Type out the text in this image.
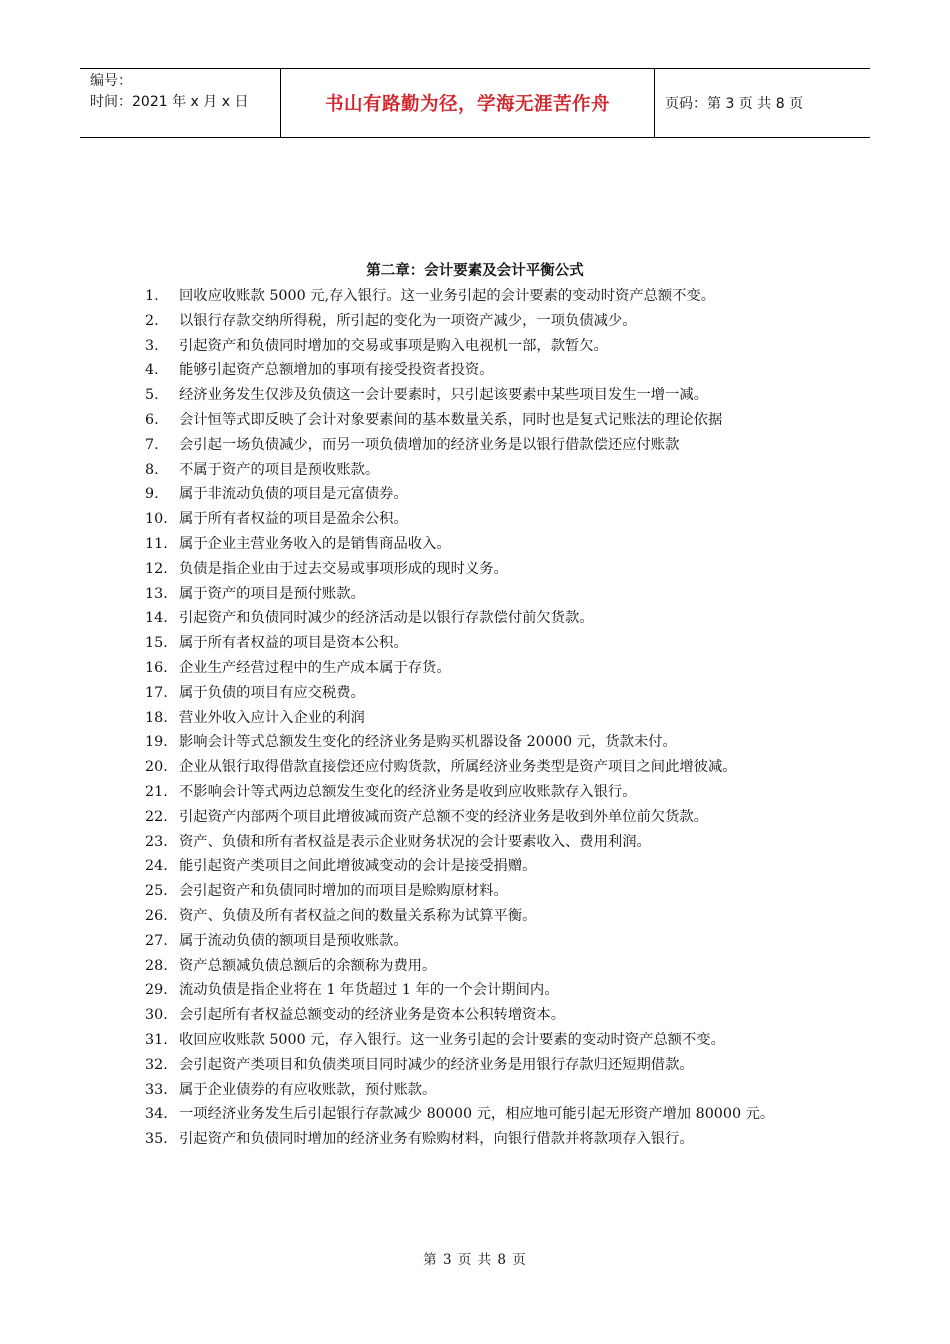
编号：
时间：2021 年 x 月 x 日	书山有路勤为径，学海无涯苦作舟	页码：第 3 页 共 8 页
第二章：会计要素及会计平衡公式
1. 回收应收账款 5000 元,存入银行。这一业务引起的会计要素的变动时资产总额不变。
2. 以银行存款交纳所得税，所引起的变化为一项资产减少，一项负债减少。
3. 引起资产和负债同时增加的交易或事项是购入电视机一部，款暂欠。
4. 能够引起资产总额增加的事项有接受投资者投资。
5. 经济业务发生仅涉及负债这一会计要素时，只引起该要素中某些项目发生一增一减。
6. 会计恒等式即反映了会计对象要素间的基本数量关系，同时也是复式记账法的理论依据
7. 会引起一场负债减少，而另一项负债增加的经济业务是以银行借款偿还应付账款
8. 不属于资产的项目是预收账款。
9. 属于非流动负债的项目是元富债券。
10. 属于所有者权益的项目是盈余公积。
11. 属于企业主营业务收入的是销售商品收入。
12. 负债是指企业由于过去交易或事项形成的现时义务。
13. 属于资产的项目是预付账款。
14. 引起资产和负债同时减少的经济活动是以银行存款偿付前欠货款。
15. 属于所有者权益的项目是资本公积。
16. 企业生产经营过程中的生产成本属于存货。
17. 属于负债的项目有应交税费。
18. 营业外收入应计入企业的利润
19. 影响会计等式总额发生变化的经济业务是购买机器设备 20000 元，货款未付。
20. 企业从银行取得借款直接偿还应付购货款，所属经济业务类型是资产项目之间此增彼减。
21. 不影响会计等式两边总额发生变化的经济业务是收到应收账款存入银行。
22. 引起资产内部两个项目此增彼减而资产总额不变的经济业务是收到外单位前欠货款。
23. 资产、负债和所有者权益是表示企业财务状况的会计要素收入、费用利润。
24. 能引起资产类项目之间此增彼减变动的会计是接受捐赠。
25. 会引起资产和负债同时增加的而项目是赊购原材料。
26. 资产、负债及所有者权益之间的数量关系称为试算平衡。
27. 属于流动负债的额项目是预收账款。
28. 资产总额减负债总额后的余额称为费用。
29. 流动负债是指企业将在 1 年货超过 1 年的一个会计期间内。
30. 会引起所有者权益总额变动的经济业务是资本公积转增资本。
31. 收回应收账款 5000 元，存入银行。这一业务引起的会计要素的变动时资产总额不变。
32. 会引起资产类项目和负债类项目同时减少的经济业务是用银行存款归还短期借款。
33. 属于企业债券的有应收账款，预付账款。
34. 一项经济业务发生后引起银行存款减少 80000 元，相应地可能引起无形资产增加 80000 元。
35. 引起资产和负债同时增加的经济业务有赊购材料，向银行借款并将款项存入银行。
第 3 页 共 8 页
